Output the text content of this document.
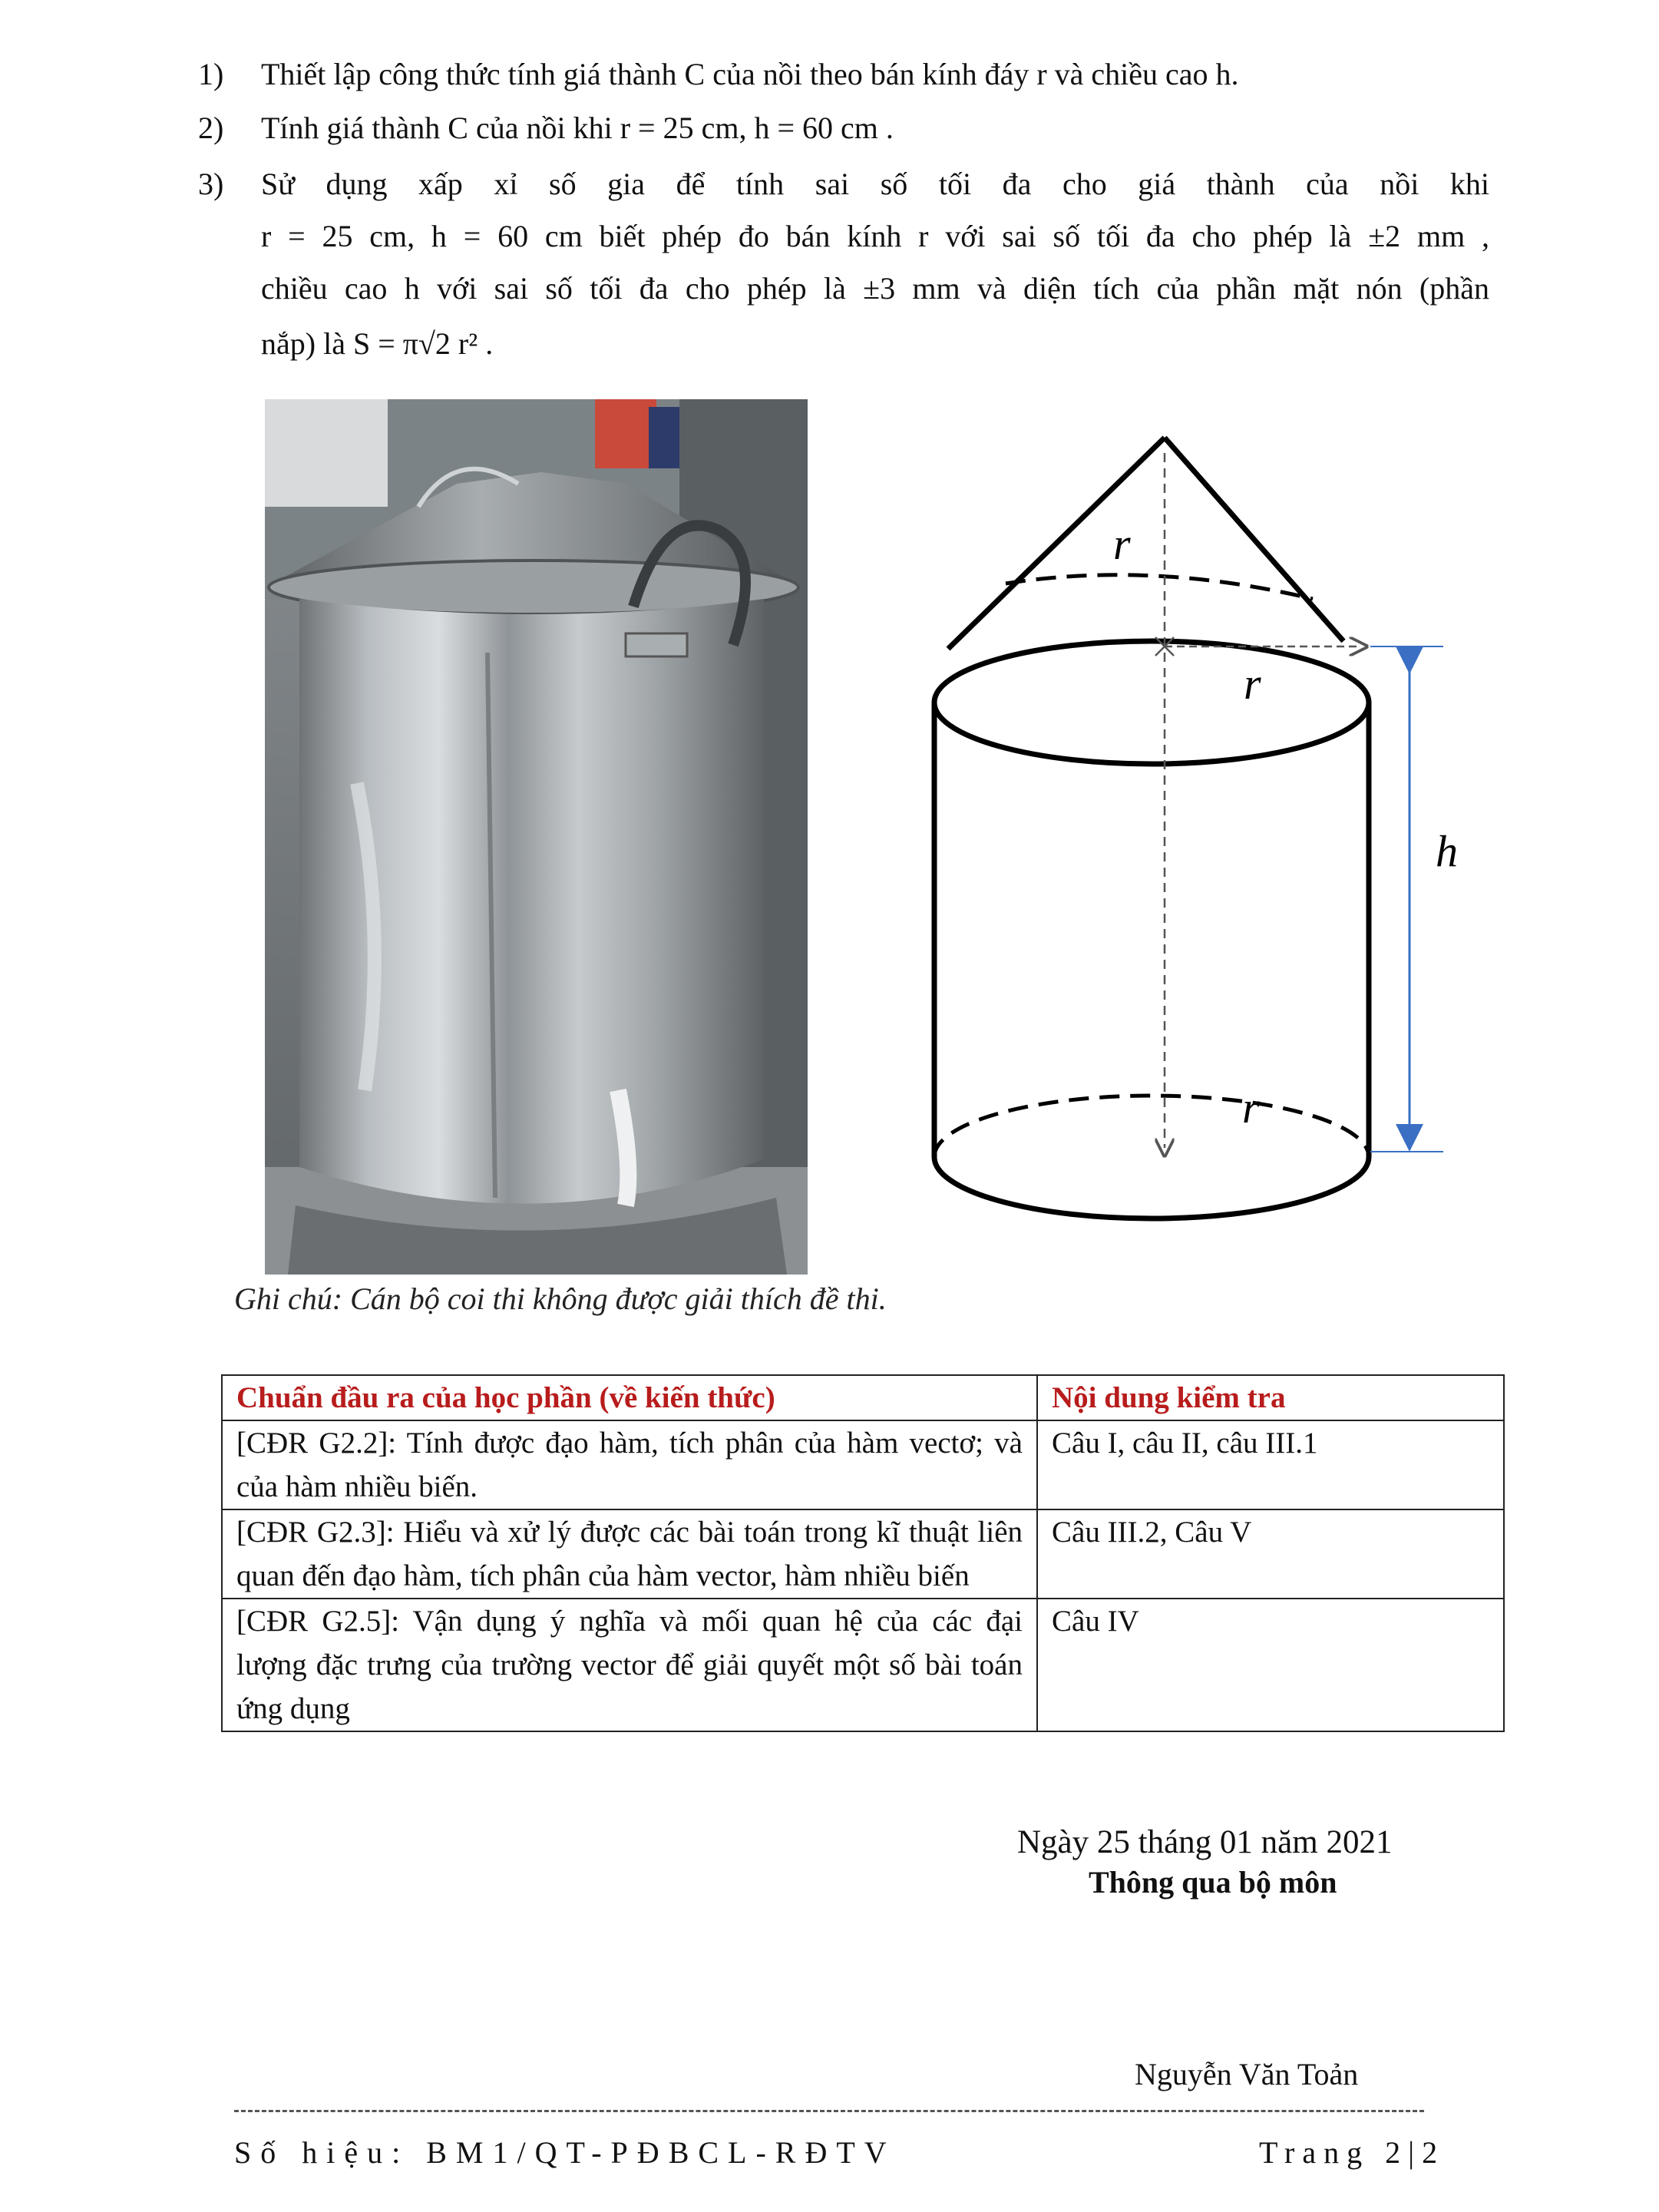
1) Thiết lập công thức tính giá thành C của nồi theo bán kính đáy r và chiều cao h.
2) Tính giá thành C của nồi khi r = 25 cm, h = 60 cm .
3) Sử dụng xấp xỉ số gia để tính sai số tối đa cho giá thành của nồi khi
r = 25 cm, h = 60 cm biết phép đo bán kính r với sai số tối đa cho phép là ±2 mm ,
chiều cao h với sai số tối đa cho phép là ±3 mm và diện tích của phần mặt nón (phần
nắp) là S = π√2 r² .
r
r
h
r
Ghi chú: Cán bộ coi thi không được giải thích đề thi.
Chuẩn đầu ra của học phần (về kiến thức)	Nội dung kiểm tra
[CĐR G2.2]: Tính được đạo hàm, tích phân của hàm vectơ; và của hàm nhiều biến.	Câu I, câu II, câu III.1
[CĐR G2.3]: Hiểu và xử lý được các bài toán trong kĩ thuật liên quan đến đạo hàm, tích phân của hàm vector, hàm nhiều biến	Câu III.2, Câu V
[CĐR G2.5]: Vận dụng ý nghĩa và mối quan hệ của các đại lượng đặc trưng của trường vector để giải quyết một số bài toán ứng dụng	Câu IV
Ngày 25 tháng 01 năm 2021
Thông qua bộ môn
Nguyễn Văn Toản
Số hiệu: BM1/QT-PĐBCL-RĐTV	Trang 2|2
